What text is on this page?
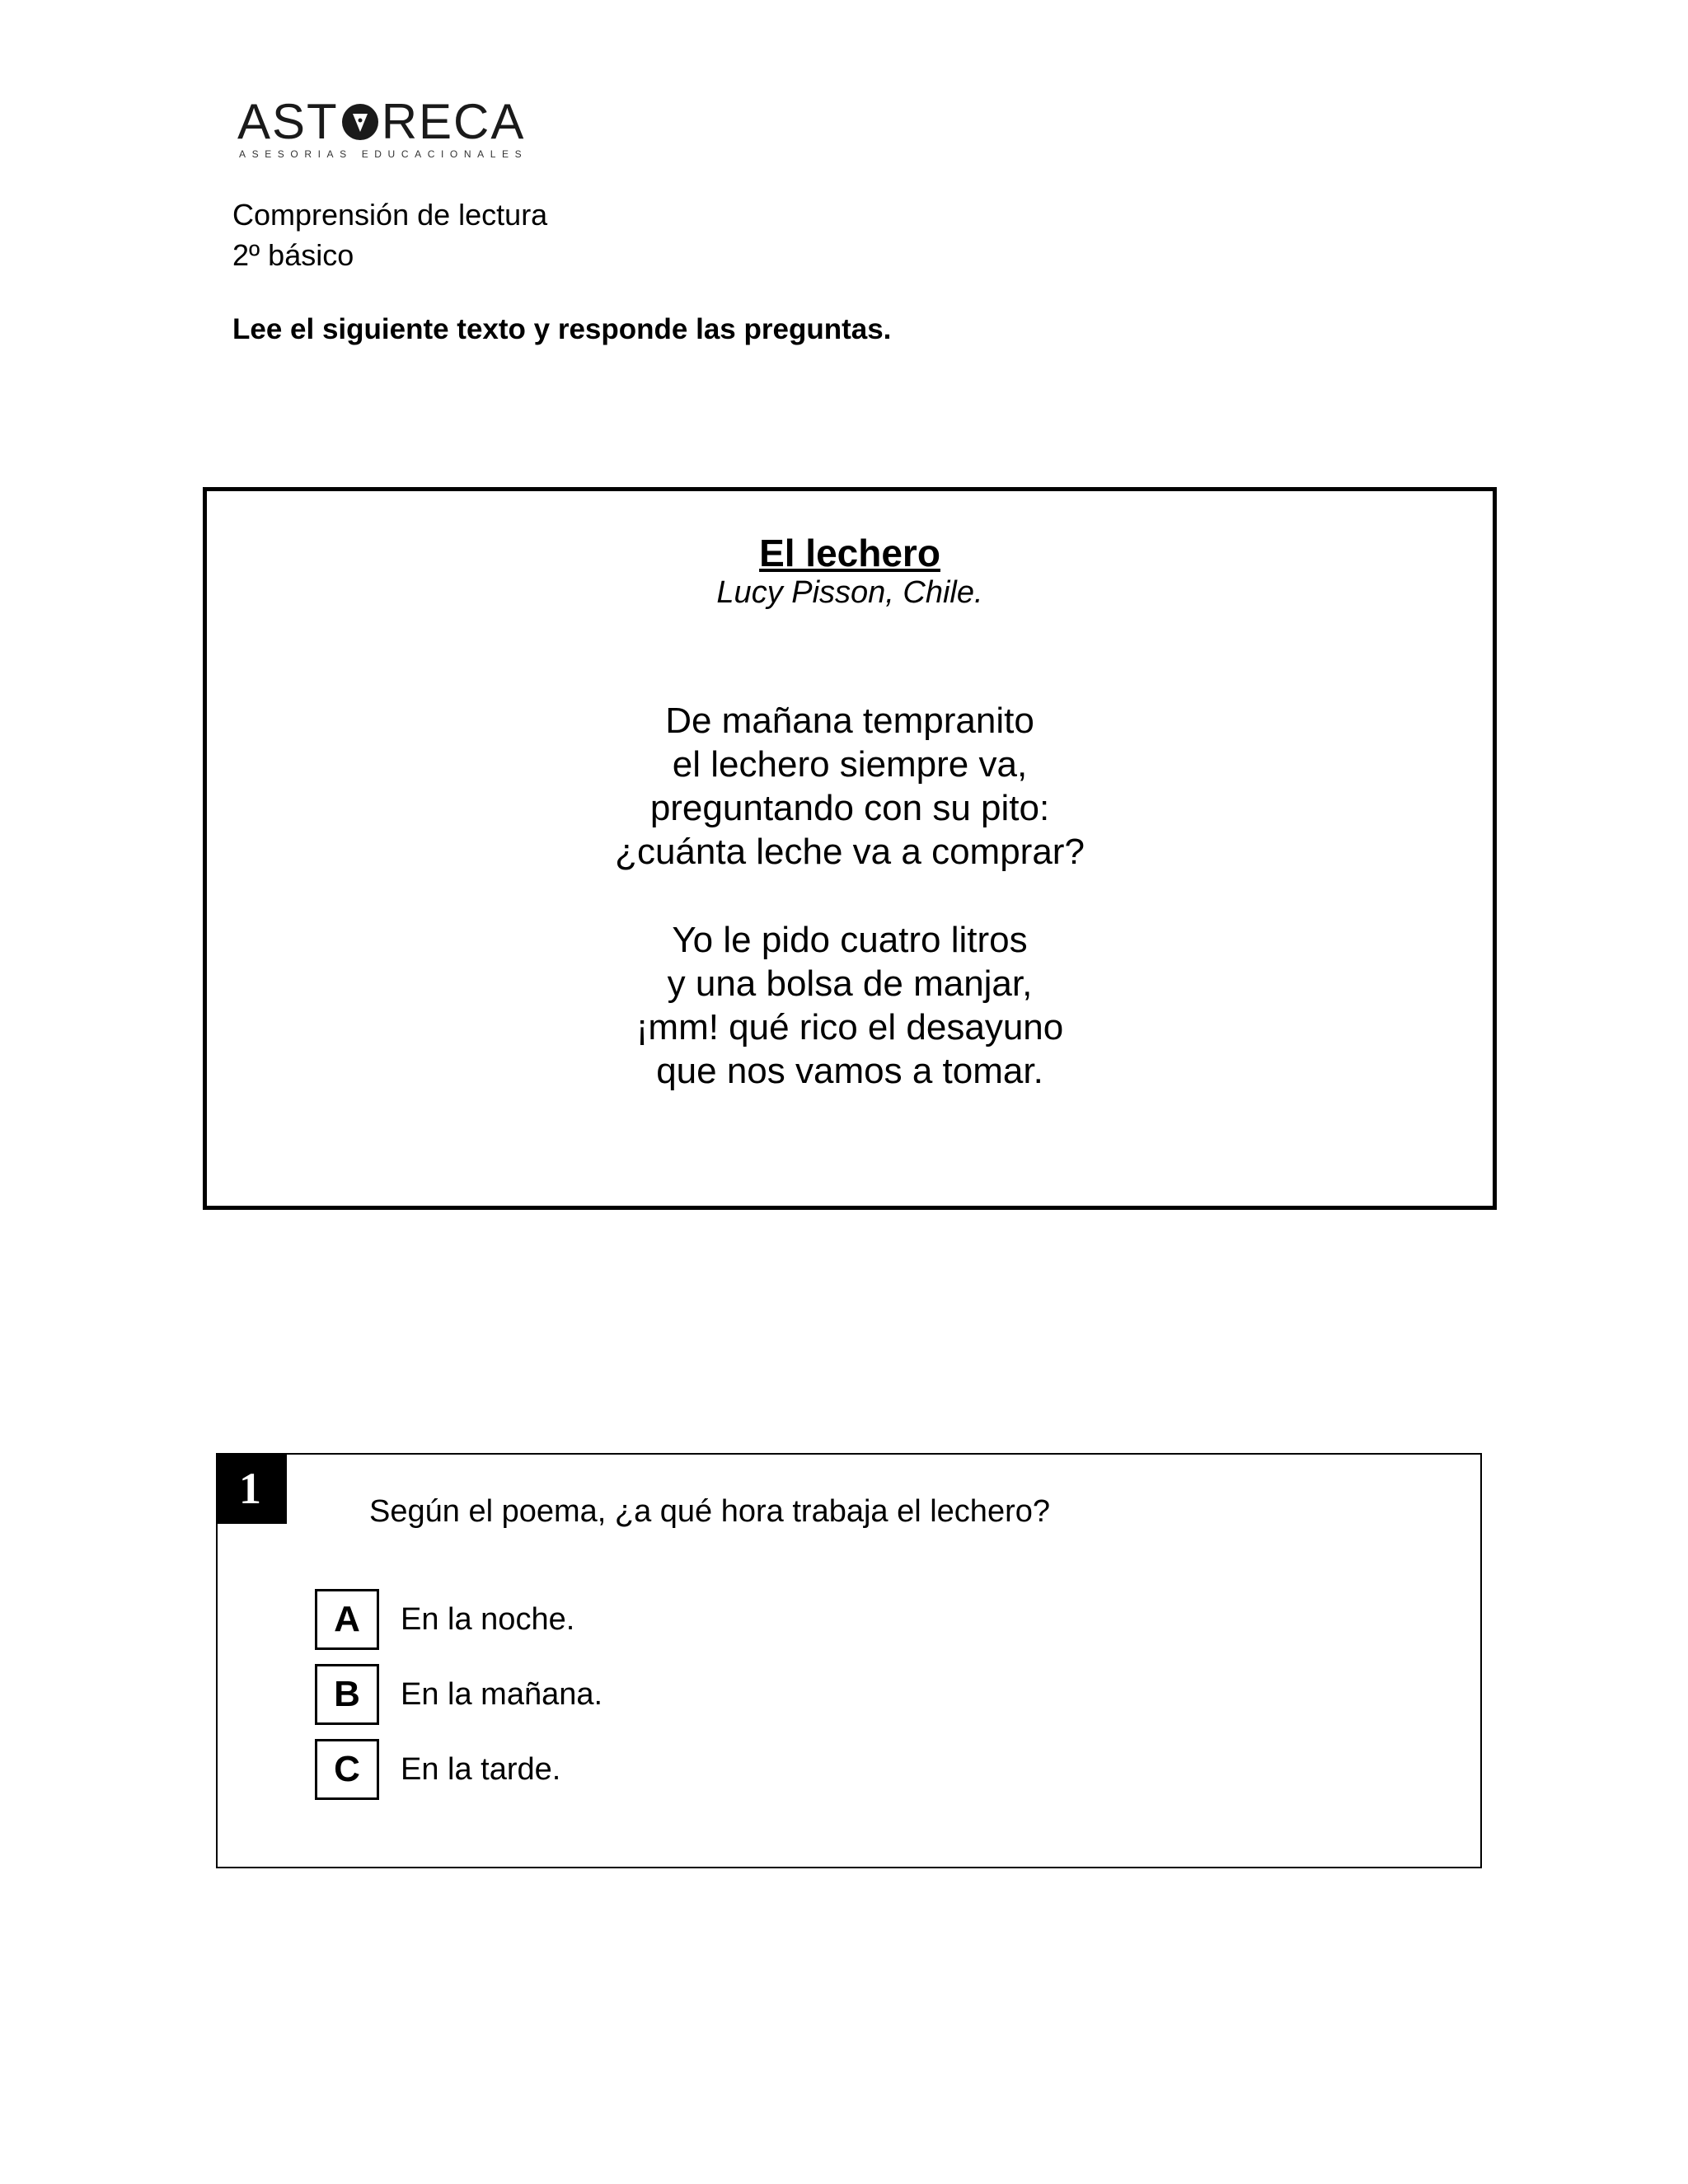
AST RECA
ASESORIAS EDUCACIONALES
Comprensión de lectura
2º básico
Lee el siguiente texto y responde las preguntas.
El lechero
Lucy Pisson, Chile.
De mañana tempranito
el lechero siempre va,
preguntando con su pito:
¿cuánta leche va a comprar?
Yo le pido cuatro litros
y una bolsa de manjar,
¡mm! qué rico el desayuno
que nos vamos a tomar.
1	Según el poema, ¿a qué hora trabaja el lechero?
A	En la noche.
B	En la mañana.
C	En la tarde.
